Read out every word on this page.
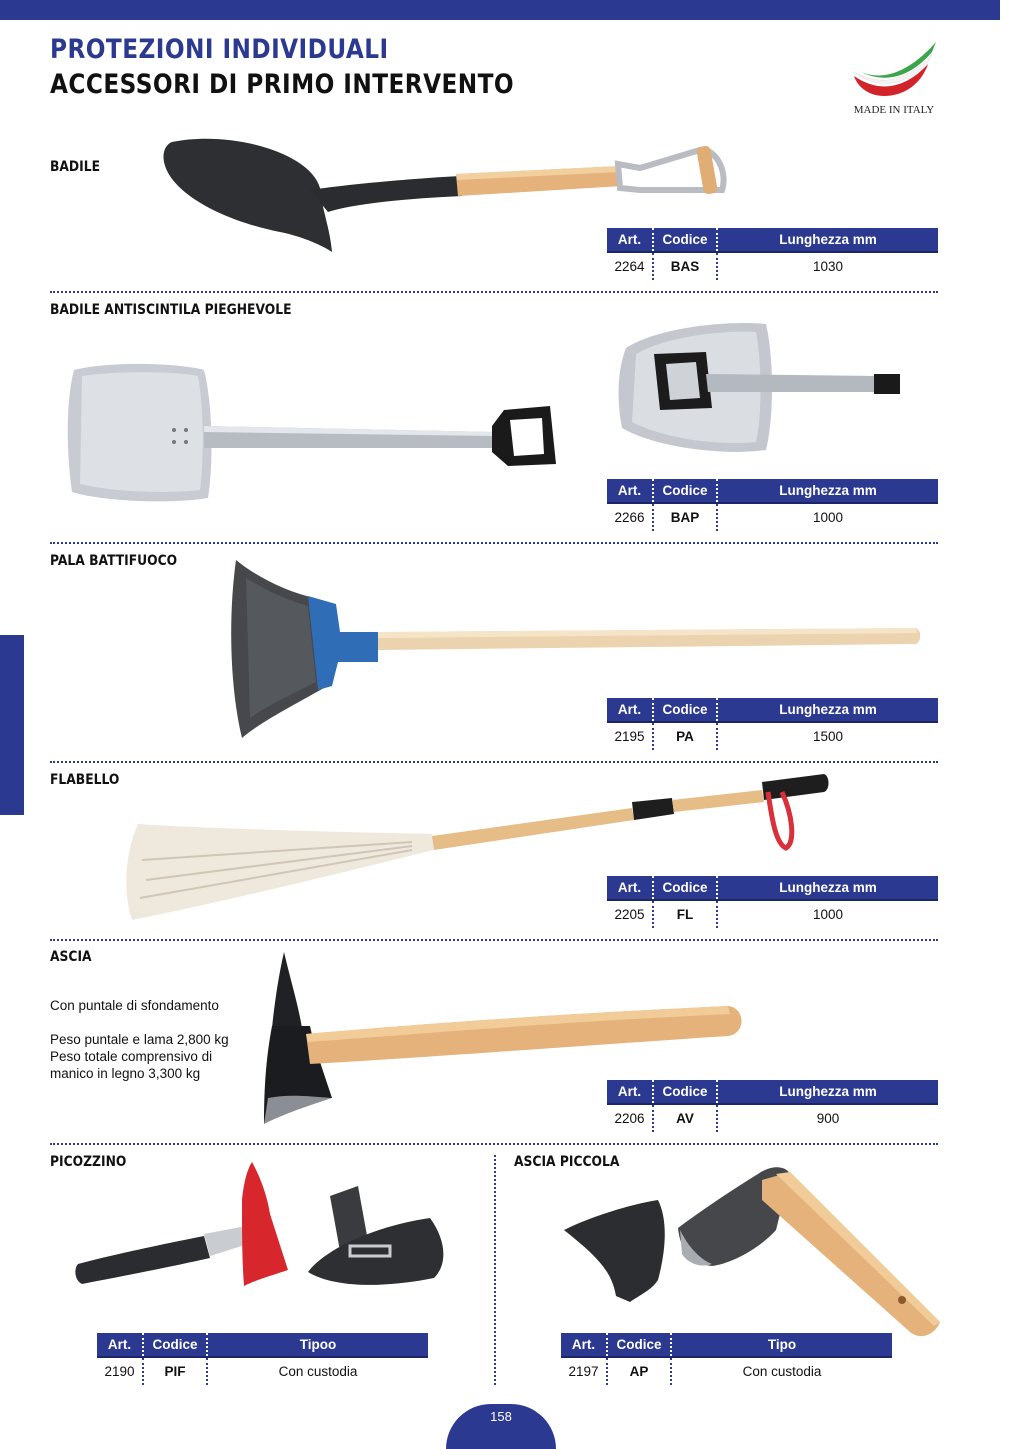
PROTEZIONI INDIVIDUALI
ACCESSORI DI PRIMO INTERVENTO
MADE IN ITALY
BADILE
Art.	Codice	Lunghezza mm
2264	BAS	1030
BADILE ANTISCINTILA PIEGHEVOLE
Art.	Codice	Lunghezza mm
2266	BAP	1000
PALA BATTIFUOCO
Art.	Codice	Lunghezza mm
2195	PA	1500
FLABELLO
Art.	Codice	Lunghezza mm
2205	FL	1000
ASCIA
Con puntale di sfondamento
Peso puntale e lama 2,800 kg
Peso totale comprensivo di
manico in legno 3,300 kg
Art.	Codice	Lunghezza mm
2206	AV	900
PICOZZINO
Art.	Codice	Tipoo
2190	PIF	Con custodia
ASCIA PICCOLA
Art.	Codice	Tipo
2197	AP	Con custodia
158
